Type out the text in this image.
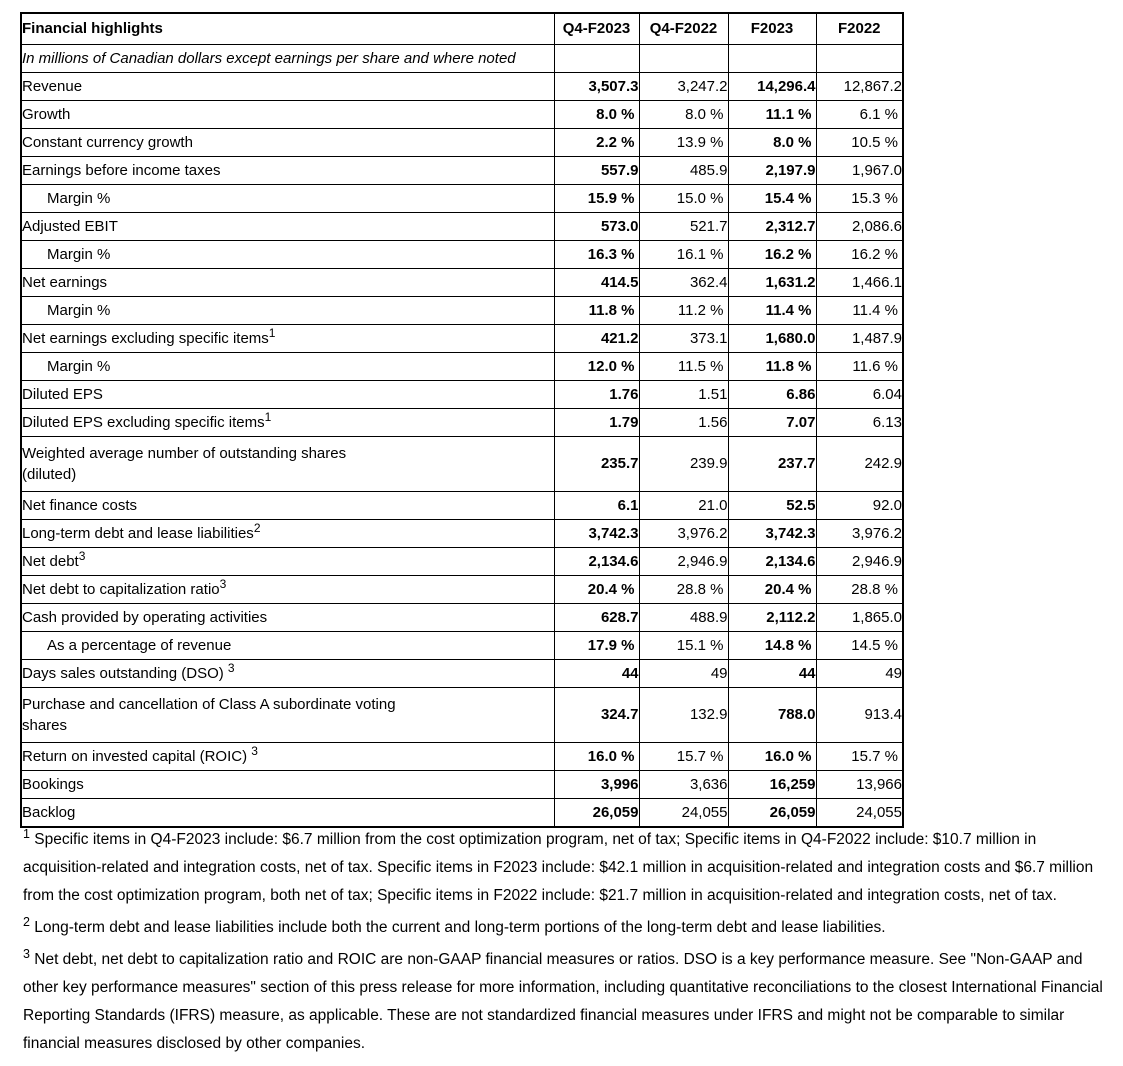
Financial highlights	Q4-F2023	Q4-F2022	F2023	F2022
In millions of Canadian dollars except earnings per share and where noted				
Revenue	3,507.3	3,247.2	14,296.4	12,867.2
Growth	8.0 %	8.0 %	11.1 %	6.1 %
Constant currency growth	2.2 %	13.9 %	8.0 %	10.5 %
Earnings before income taxes	557.9	485.9	2,197.9	1,967.0
Margin %	15.9 %	15.0 %	15.4 %	15.3 %
Adjusted EBIT	573.0	521.7	2,312.7	2,086.6
Margin %	16.3 %	16.1 %	16.2 %	16.2 %
Net earnings	414.5	362.4	1,631.2	1,466.1
Margin %	11.8 %	11.2 %	11.4 %	11.4 %
Net earnings excluding specific items$^1$	421.2	373.1	1,680.0	1,487.9
Margin %	12.0 %	11.5 %	11.8 %	11.6 %
Diluted EPS	1.76	1.51	6.86	6.04
Diluted EPS excluding specific items$^1$	1.79	1.56	7.07	6.13

Weighted average number of outstanding shares
(diluted)	235.7	239.9	237.7	242.9
Net finance costs	6.1	21.0	52.5	92.0
Long-term debt and lease liabilities$^2$	3,742.3	3,976.2	3,742.3	3,976.2
Net debt$^3$	2,134.6	2,946.9	2,134.6	2,946.9
Net debt to capitalization ratio$^3$	20.4 %	28.8 %	20.4 %	28.8 %
Cash provided by operating activities	628.7	488.9	2,112.2	1,865.0
As a percentage of revenue	17.9 %	15.1 %	14.8 %	14.5 %
Days sales outstanding (DSO) $^3$	44	49	44	49

Purchase and cancellation of Class A subordinate voting
shares	324.7	132.9	788.0	913.4
Return on invested capital (ROIC) $^3$	16.0 %	15.7 %	16.0 %	15.7 %
Bookings	3,996	3,636	16,259	13,966
Backlog	26,059	24,055	26,059	24,055

$^1$ Specific items in Q4-F2023 include: $6.7 million from the cost optimization program, net of tax; Specific items in Q4-F2022 include: $10.7 million in acquisition-related and integration costs, net of tax. Specific items in F2023 include: $42.1 million in acquisition-related and integration costs and $6.7 million from the cost optimization program, both net of tax; Specific items in F2022 include: $21.7 million in acquisition-related and integration costs, net of tax.

$^2$ Long-term debt and lease liabilities include both the current and long-term portions of the long-term debt and lease liabilities.

$^3$ Net debt, net debt to capitalization ratio and ROIC are non-GAAP financial measures or ratios. DSO is a key performance measure. See "Non-GAAP and other key performance measures" section of this press release for more information, including quantitative reconciliations to the closest International Financial Reporting Standards (IFRS) measure, as applicable. These are not standardized financial measures under IFRS and might not be comparable to similar financial measures disclosed by other companies.
